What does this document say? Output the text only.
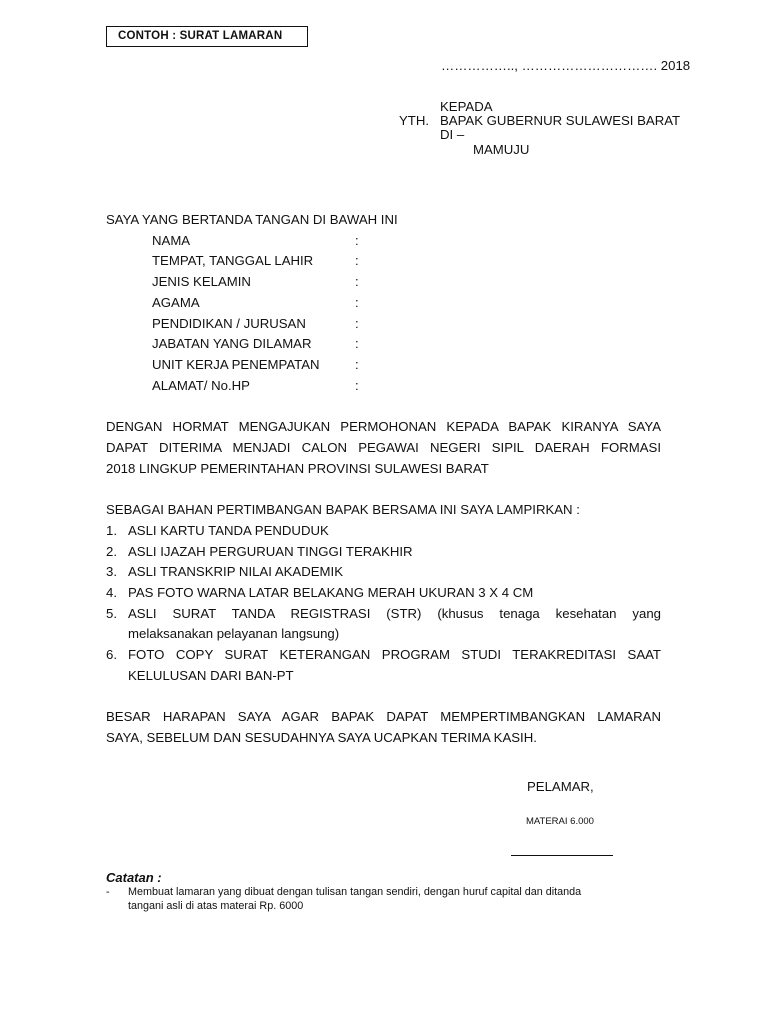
CONTOH : SURAT LAMARAN
…………….., …………………………. 2018
KEPADA
YTH. BAPAK GUBERNUR SULAWESI BARAT
DI –
MAMUJU
SAYA YANG BERTANDA TANGAN DI BAWAH INI
NAMA	:
TEMPAT, TANGGAL LAHIR	:
JENIS KELAMIN	:
AGAMA	:
PENDIDIKAN / JURUSAN	:
JABATAN YANG DILAMAR	:
UNIT KERJA PENEMPATAN	:
ALAMAT/ No.HP	:
DENGAN HORMAT MENGAJUKAN PERMOHONAN KEPADA BAPAK KIRANYA SAYA
DAPAT DITERIMA MENJADI CALON PEGAWAI NEGERI SIPIL DAERAH FORMASI
2018 LINGKUP PEMERINTAHAN PROVINSI SULAWESI BARAT
SEBAGAI BAHAN PERTIMBANGAN BAPAK BERSAMA INI SAYA LAMPIRKAN :
1. ASLI KARTU TANDA PENDUDUK
2. ASLI IJAZAH PERGURUAN TINGGI TERAKHIR
3. ASLI TRANSKRIP NILAI AKADEMIK
4. PAS FOTO WARNA LATAR BELAKANG MERAH UKURAN 3 X 4 CM
5. ASLI SURAT TANDA REGISTRASI (STR) (khusus tenaga kesehatan yang
melaksanakan pelayanan langsung)
6. FOTO COPY SURAT KETERANGAN PROGRAM STUDI TERAKREDITASI SAAT
KELULUSAN DARI BAN-PT
BESAR HARAPAN SAYA AGAR BAPAK DAPAT MEMPERTIMBANGKAN LAMARAN
SAYA, SEBELUM DAN SESUDAHNYA SAYA UCAPKAN TERIMA KASIH.
PELAMAR,
MATERAI 6.000
Catatan :
- Membuat lamaran yang dibuat dengan tulisan tangan sendiri, dengan huruf capital dan ditanda
tangani asli di atas materai Rp. 6000
